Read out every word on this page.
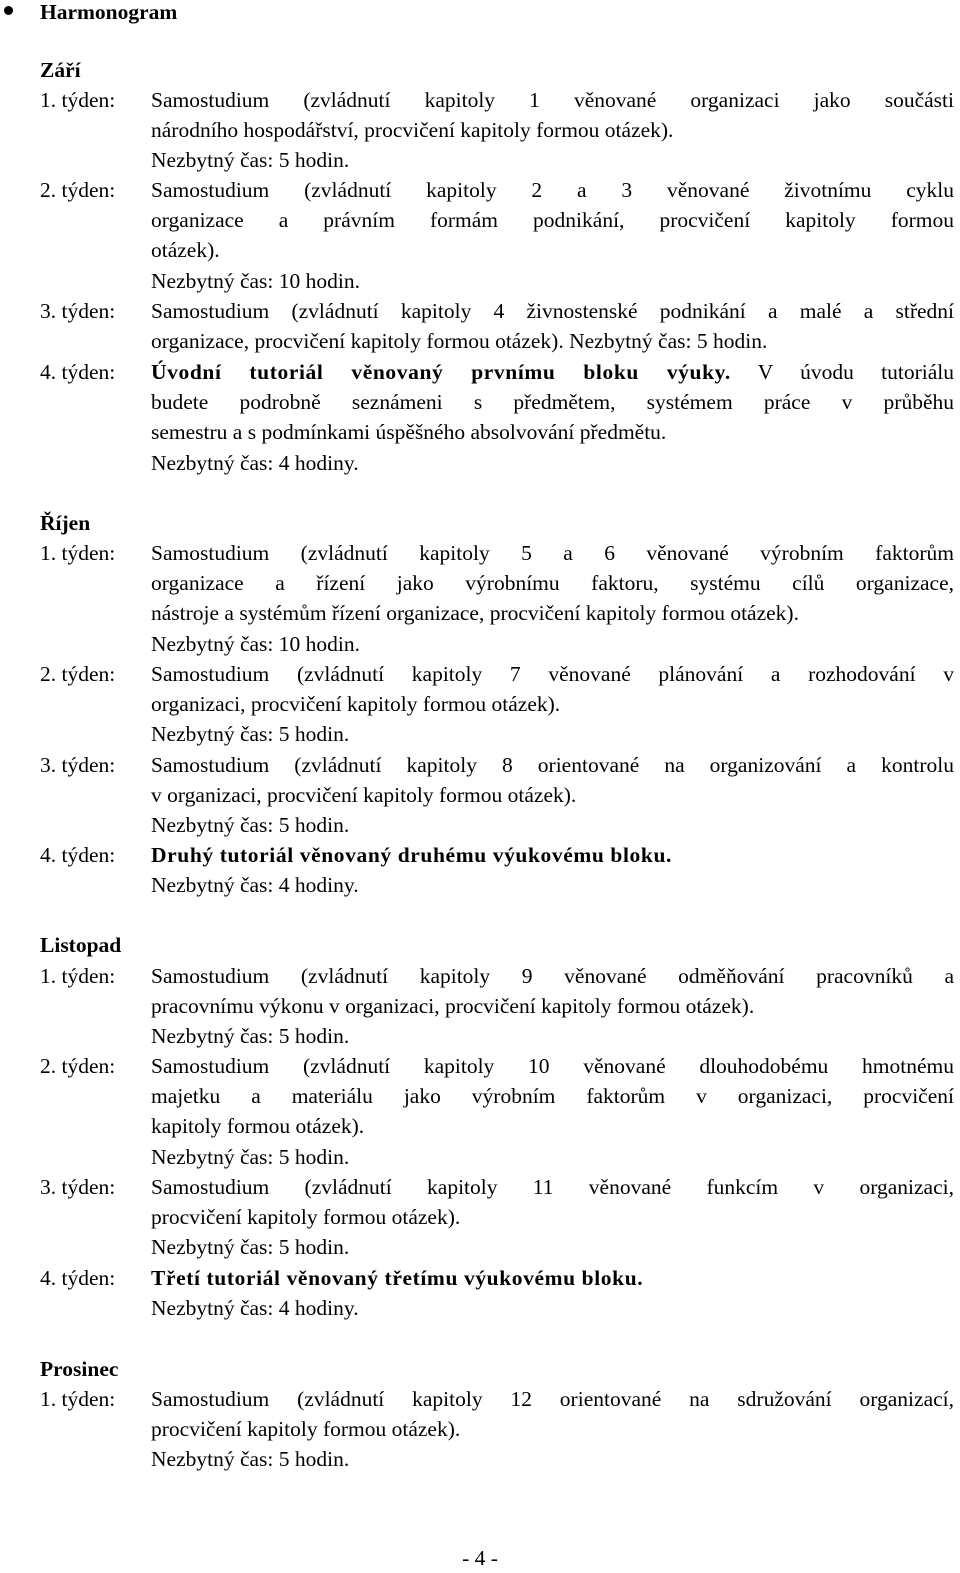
Harmonogram
Září
1. týden: Samostudium (zvládnutí kapitoly 1 věnované organizaci jako součásti
národního hospodářství, procvičení kapitoly formou otázek).
Nezbytný čas: 5 hodin.
2. týden: Samostudium (zvládnutí kapitoly 2 a 3 věnované životnímu cyklu
organizace a právním formám podnikání, procvičení kapitoly formou
otázek).
Nezbytný čas: 10 hodin.
3. týden: Samostudium (zvládnutí kapitoly 4 živnostenské podnikání a malé a střední
organizace, procvičení kapitoly formou otázek). Nezbytný čas: 5 hodin.
4. týden: Úvodní tutoriál věnovaný prvnímu bloku výuky. V úvodu tutoriálu
budete podrobně seznámeni s předmětem, systémem práce v průběhu
semestru a s podmínkami úspěšného absolvování předmětu.
Nezbytný čas: 4 hodiny.
Říjen
1. týden: Samostudium (zvládnutí kapitoly 5 a 6 věnované výrobním faktorům
organizace a řízení jako výrobnímu faktoru, systému cílů organizace,
nástroje a systémům řízení organizace, procvičení kapitoly formou otázek).
Nezbytný čas: 10 hodin.
2. týden: Samostudium (zvládnutí kapitoly 7 věnované plánování a rozhodování v
organizaci, procvičení kapitoly formou otázek).
Nezbytný čas: 5 hodin.
3. týden: Samostudium (zvládnutí kapitoly 8 orientované na organizování a kontrolu
v organizaci, procvičení kapitoly formou otázek).
Nezbytný čas: 5 hodin.
4. týden: Druhý tutoriál věnovaný druhému výukovému bloku.
Nezbytný čas: 4 hodiny.
Listopad
1. týden: Samostudium (zvládnutí kapitoly 9 věnované odměňování pracovníků a
pracovnímu výkonu v organizaci, procvičení kapitoly formou otázek).
Nezbytný čas: 5 hodin.
2. týden: Samostudium (zvládnutí kapitoly 10 věnované dlouhodobému hmotnému
majetku a materiálu jako výrobním faktorům v organizaci, procvičení
kapitoly formou otázek).
Nezbytný čas: 5 hodin.
3. týden: Samostudium (zvládnutí kapitoly 11 věnované funkcím v organizaci,
procvičení kapitoly formou otázek).
Nezbytný čas: 5 hodin.
4. týden: Třetí tutoriál věnovaný třetímu výukovému bloku.
Nezbytný čas: 4 hodiny.
Prosinec
1. týden: Samostudium (zvládnutí kapitoly 12 orientované na sdružování organizací,
procvičení kapitoly formou otázek).
Nezbytný čas: 5 hodin.
- 4 -
